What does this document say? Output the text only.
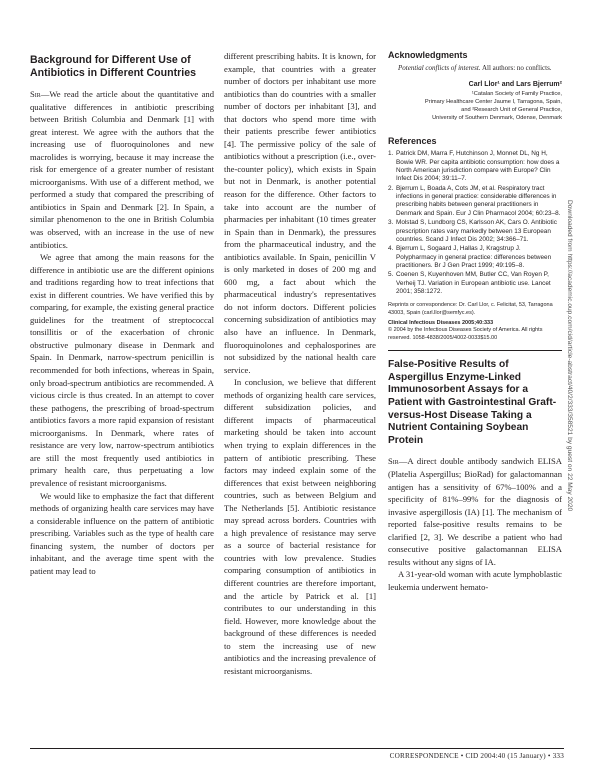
Background for Different Use of Antibiotics in Different Countries

Sir—We read the article about the quantitative and qualitative differences in antibiotic prescribing between British Columbia and Denmark [1] with great interest. We agree with the authors that the increasing use of fluoroquinolones and new macrolides is worrying, because it may increase the risk for emergence of a greater number of resistant microorganisms. With use of a different method, we performed a study that compared the prescribing of antibiotics in Spain and Denmark [2]. In Spain, a similar phenomenon to the one in British Columbia was observed, with an increase in the use of new antibiotics.

We agree that among the main reasons for the difference in antibiotic use are the different opinions and traditions regarding how to treat infections that exist in different countries. We have verified this by comparing, for example, the existing general practice guidelines for the treatment of streptococcal tonsillitis or of the exacerbation of chronic obstructive pulmonary disease in Denmark and Spain. In Denmark, narrow-spectrum penicillin is recommended for both infections, whereas in Spain, only broad-spectrum antibiotics are recommended. A vicious circle is thus created. In an attempt to cover these pathogens, the prescribing of broad-spectrum antibiotics favors a more rapid expansion of resistant microorganisms. In Denmark, where rates of resistance are very low, narrow-spectrum antibiotics are still the most frequently used antibiotics in primary health care, thus perpetuating a low prevalence of resistant microorganisms.

We would like to emphasize the fact that different methods of organizing health care services may have a considerable influence on the pattern of antibiotic prescribing. Variables such as the type of health care financing system, the number of doctors per inhabitant, and the average time spent with the patient may lead to

different prescribing habits. It is known, for example, that countries with a greater number of doctors per inhabitant use more antibiotics than do countries with a smaller number of doctors per inhabitant [3], and that doctors who spend more time with their patients prescribe fewer antibiotics [4]. The permissive policy of the sale of antibiotics without a prescription (i.e., over-the-counter policy), which exists in Spain but not in Denmark, is another potential reason for the difference. Other factors to take into account are the number of pharmacies per inhabitant (10 times greater in Spain than in Denmark), the pressures from the pharmaceutical industry, and the antibiotics available. In Spain, penicillin V is only marketed in doses of 200 mg and 600 mg, a fact about which the pharmaceutical industry's representatives do not inform doctors. Different policies concerning subsidization of antibiotics may also have an influence. In Denmark, fluoroquinolones and cephalosporines are not subsidized by the national health care service.

In conclusion, we believe that different methods of organizing health care services, different subsidization policies, and different impacts of pharmaceutical marketing should be taken into account when trying to explain differences in the pattern of antibiotic prescribing. These factors may indeed explain some of the differences that exist between neighboring countries, such as between Belgium and The Netherlands [5]. Antibiotic resistance may spread across borders. Countries with a high prevalence of resistance may serve as a source of bacterial resistance for countries with low prevalence. Studies comparing consumption of antibiotics in different countries are therefore important, and the article by Patrick et al. [1] contributes to our understanding in this field. However, more knowledge about the background of these differences is needed to stem the increasing use of new antibiotics and the increasing prevalence of resistant microorganisms.

Acknowledgments

Potential conflicts of interest. All authors: no conflicts.

Carl Llor¹ and Lars Bjerrum²

¹Catalan Society of Family Practice,
Primary Healthcare Center Jaume I, Tarragona, Spain,
and ²Research Unit of General Practice,
University of Southern Denmark, Odense, Denmark
References
1. Patrick DM, Marra F, Hutchinson J, Monnet DL, Ng H, Bowie WR. Per capita antibiotic consumption: how does a North American jurisdiction compare with Europe? Clin Infect Dis 2004; 39:11–7.
2. Bjerrum L, Boada A, Cots JM, et al. Respiratory tract infections in general practice: considerable differences in prescribing habits between general practitioners in Denmark and Spain. Eur J Clin Pharmacol 2004; 60:23–8.
3. Molstad S, Lundborg CS, Karlsson AK, Cars O. Antibiotic prescription rates vary markedly between 13 European countries. Scand J Infect Dis 2002; 34:366–71.
4. Bjerrum L, Sogaard J, Hallas J, Kragstrup J. Polypharmacy in general practice: differences between practitioners. Br J Gen Pract 1999; 49:195–8.
5. Coenen S, Kuyenhoven MM, Butler CC, Van Royen P, Verheij TJ. Variation in European antibiotic use. Lancet 2001; 358:1272.

Reprints or correspondence: Dr. Carl Llor, c. Felicitat, 53, Tarragona 43003, Spain (carl.llor@semfyc.es).

Clinical Infectious Diseases 2005;40:333

© 2004 by the Infectious Diseases Society of America. All rights reserved. 1058-4838/2005/4002-0033$15.00

False-Positive Results of Aspergillus Enzyme-Linked Immunosorbent Assays for a Patient with Gastrointestinal Graft-versus-Host Disease Taking a Nutrient Containing Soybean Protein

Sir—A direct double antibody sandwich ELISA (Platelia Aspergillus; BioRad) for galactomannan antigen has a sensitivity of 67%–100% and a specificity of 81%–99% for the diagnosis of invasive aspergillosis (IA) [1]. The mechanism of reported false-positive results remains to be clarified [2, 3]. We describe a patient who had consecutive positive galactomannan ELISA results without any signs of IA.

A 31-year-old woman with acute lymphoblastic leukemia underwent hemato-

CORRESPONDENCE • CID 2004:40 (15 January) • 333
Downloaded from https://academic.oup.com/cid/article-abstract/40/2/333/358521 by guest on 22 May 2020
